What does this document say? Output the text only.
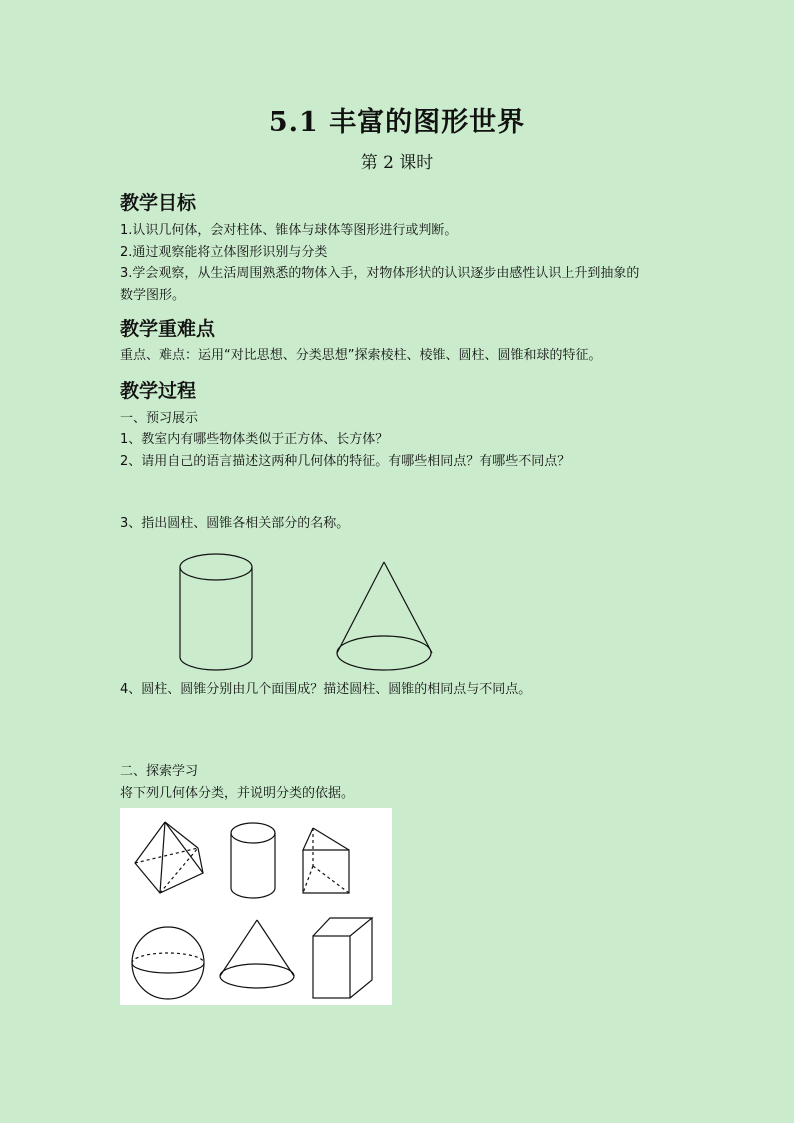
5.1 丰富的图形世界
第 2 课时
教学目标
1.认识几何体，会对柱体、锥体与球体等图形进行或判断。
2.通过观察能将立体图形识别与分类
3.学会观察，从生活周围熟悉的物体入手，对物体形状的认识逐步由感性认识上升到抽象的
数学图形。
教学重难点
重点、难点：运用“对比思想、分类思想”探索棱柱、棱锥、圆柱、圆锥和球的特征。
教学过程
一、预习展示
1、教室内有哪些物体类似于正方体、长方体？
2、请用自己的语言描述这两种几何体的特征。有哪些相同点？有哪些不同点？
3、指出圆柱、圆锥各相关部分的名称。
4、圆柱、圆锥分别由几个面围成？描述圆柱、圆锥的相同点与不同点。
二、探索学习
将下列几何体分类，并说明分类的依据。
